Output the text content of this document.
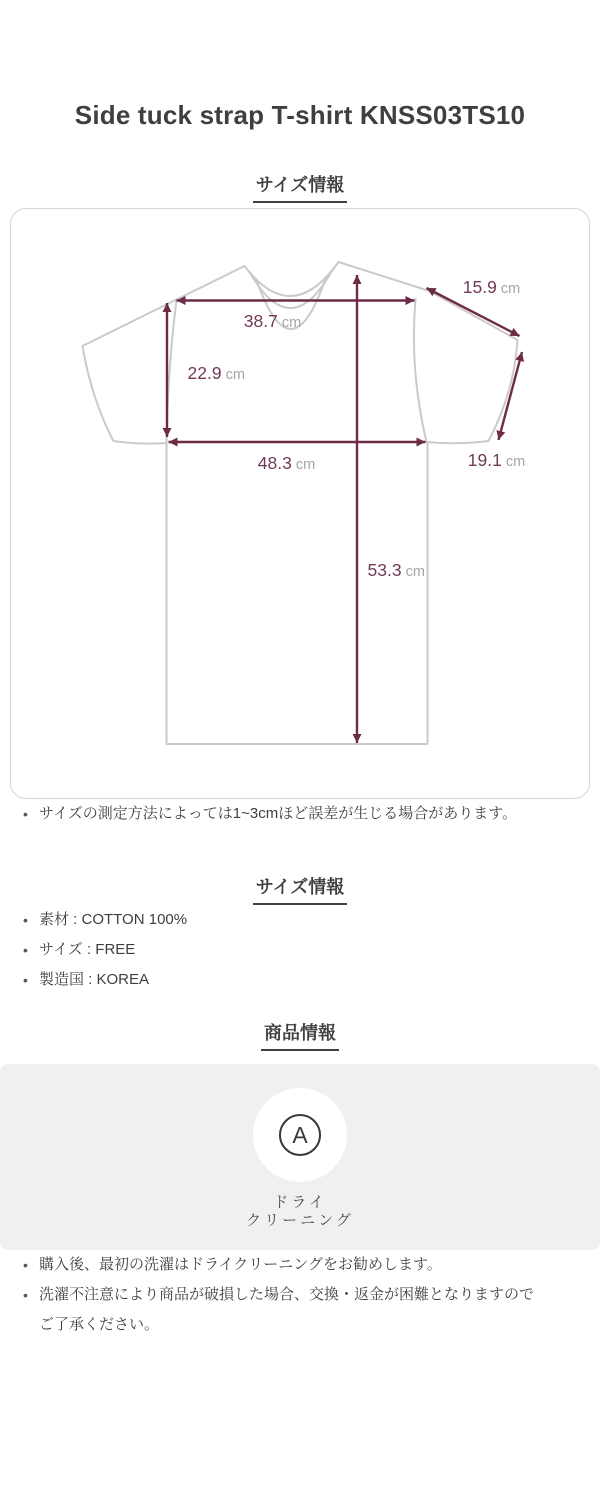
Side tuck strap T-shirt KNSS03TS10
サイズ情報
38.7 cm
15.9 cm
22.9 cm
48.3 cm	19.1 cm
53.3 cm
• サイズの測定方法によっては1~3cmほど誤差が生じる場合があります。
サイズ情報
• 素材 : COTTON 100%
• サイズ : FREE
• 製造国 : KOREA
商品情報
A
ドライ
クリーニング
• 購入後、最初の洗濯はドライクリーニングをお勧めします。
• 洗濯不注意により商品が破損した場合、交換・返金が困難となりますのでご了承ください。
